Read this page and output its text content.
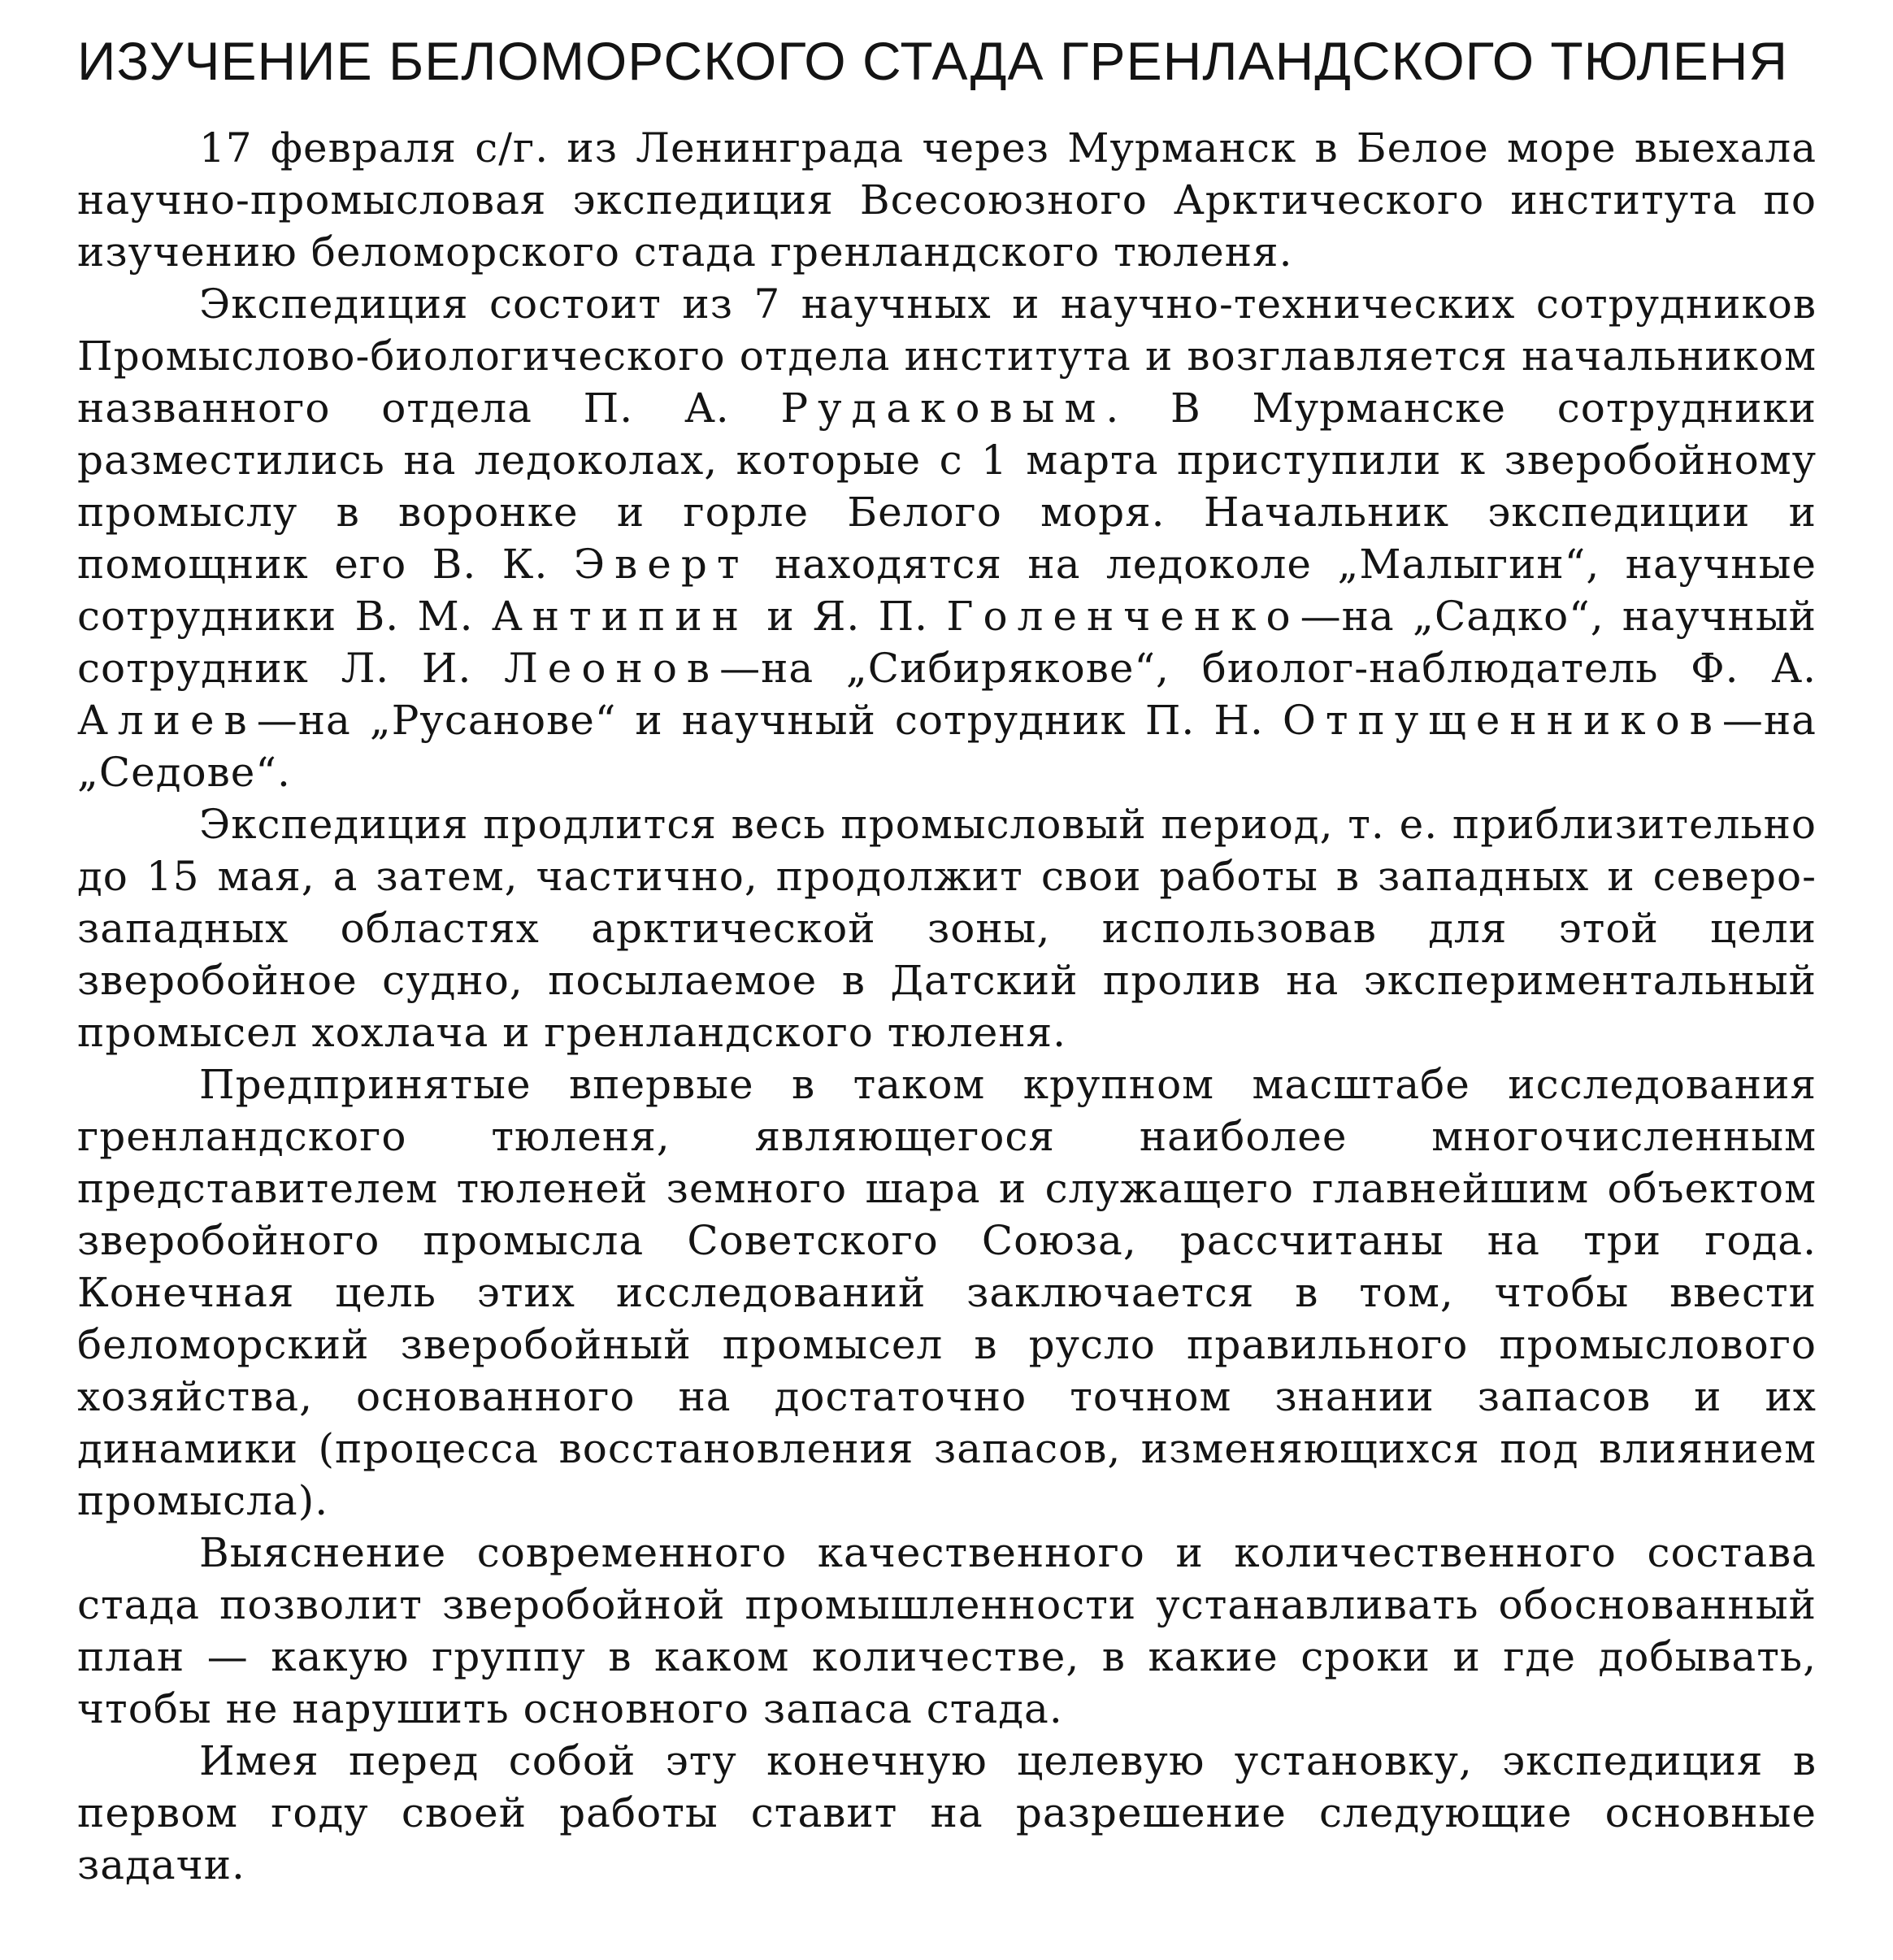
ИЗУЧЕНИЕ БЕЛОМОРСКОГО СТАДА ГРЕНЛАНДСКОГО ТЮЛЕНЯ

17 февраля с/г. из Ленинграда через Мурманск в Белое море выехала научно-промысловая экспедиция Всесоюзного Арктического института по изучению беломорского стада гренландского тюленя.

Экспедиция состоит из 7 научных и научно-технических сотрудников Промыслово-биологического отдела института и возглавляется начальником названного отдела П. А. Рудаковым. В Мурманске сотрудники разместились на ледоколах, которые с 1 марта приступили к зверобойному промыслу в воронке и горле Белого моря. Начальник экспедиции и помощник его В. К. Эверт находятся на ледоколе „Малыгин“, научные сотрудники В. М. Антипин и Я. П. Голенченко—на „Садко“, научный сотрудник Л. И. Леонов—на „Сибирякове“, биолог-наблюдатель Ф. А. Алиев—на „Русанове“ и научный сотрудник П. Н. Отпущенников—на „Седове“.

Экспедиция продлится весь промысловый период, т. е. приблизительно до 15 мая, а затем, частично, продолжит свои работы в западных и северо-западных областях арктической зоны, использовав для этой цели зверобойное судно, посылаемое в Датский пролив на экспериментальный промысел хохлача и гренландского тюленя.

Предпринятые впервые в таком крупном масштабе исследования гренландского тюленя, являющегося наиболее многочисленным представителем тюленей земного шара и служащего главнейшим объектом зверобойного промысла Советского Союза, рассчитаны на три года. Конечная цель этих исследований заключается в том, чтобы ввести беломорский зверобойный промысел в русло правильного промыслового хозяйства, основанного на достаточно точном знании запасов и их динамики (процесса восстановления запасов, изменяющихся под влиянием промысла).

Выяснение современного качественного и количественного состава стада позволит зверобойной промышленности устанавливать обоснованный план — какую группу в каком количестве, в какие сроки и где добывать, чтобы не нарушить основного запаса стада.

Имея перед собой эту конечную целевую установку, экспедиция в первом году своей работы ставит на разрешение следующие основные задачи.
